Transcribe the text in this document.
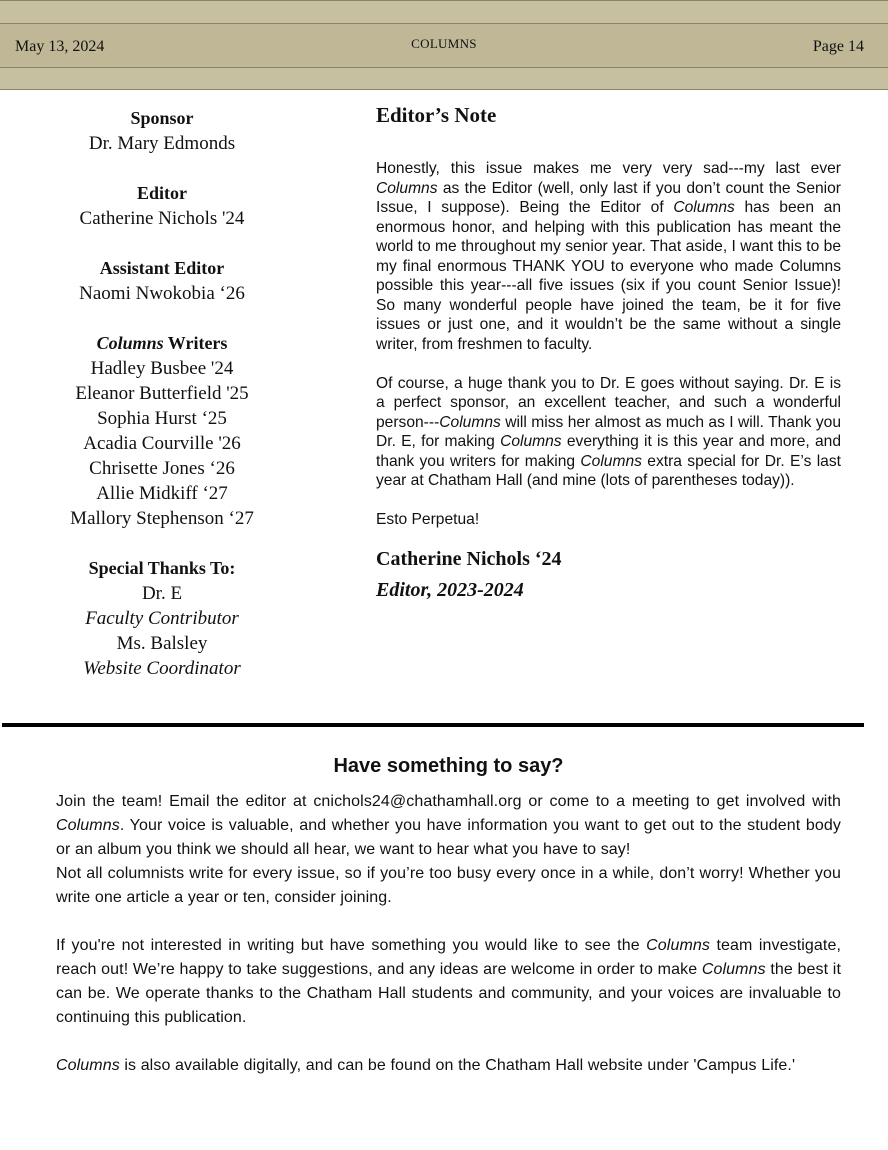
May 13, 2024	COLUMNS	Page 14
Sponsor
Dr. Mary Edmonds
Editor
Catherine Nichols '24
Assistant Editor
Naomi Nwokobia ‘26
Columns Writers
Hadley Busbee '24
Eleanor Butterfield '25
Sophia Hurst ‘25
Acadia Courville '26
Chrisette Jones ‘26
Allie Midkiff ‘27
Mallory Stephenson ‘27
Special Thanks To:
Dr. E
Faculty Contributor
Ms. Balsley
Website Coordinator
Editor’s Note

Honestly, this issue makes me very very sad---my last ever Columns as the Editor (well, only last if you don’t count the Senior Issue, I suppose). Being the Editor of Columns has been an enormous honor, and helping with this publication has meant the world to me throughout my senior year. That aside, I want this to be my final enormous THANK YOU to everyone who made Columns possible this year---all five issues (six if you count Senior Issue)! So many wonderful people have joined the team, be it for five issues or just one, and it wouldn’t be the same without a single writer, from freshmen to faculty.

Of course, a huge thank you to Dr. E goes without saying. Dr. E is a perfect sponsor, an excellent teacher, and such a wonderful person---Columns will miss her almost as much as I will. Thank you Dr. E, for making Columns everything it is this year and more, and thank you writers for making Columns extra special for Dr. E’s last year at Chatham Hall (and mine (lots of parentheses today)).

Esto Perpetua!

Catherine Nichols ‘24
Editor, 2023-2024
Have something to say?

Join the team! Email the editor at cnichols24@chathamhall.org or come to a meeting to get involved with Columns. Your voice is valuable, and whether you have information you want to get out to the student body or an album you think we should all hear, we want to hear what you have to say!

Not all columnists write for every issue, so if you’re too busy every once in a while, don’t worry! Whether you write one article a year or ten, consider joining.

If you're not interested in writing but have something you would like to see the Columns team investigate, reach out! We’re happy to take suggestions, and any ideas are welcome in order to make Columns the best it can be. We operate thanks to the Chatham Hall students and community, and your voices are invaluable to continuing this publication.

Columns is also available digitally, and can be found on the Chatham Hall website under 'Campus Life.'
